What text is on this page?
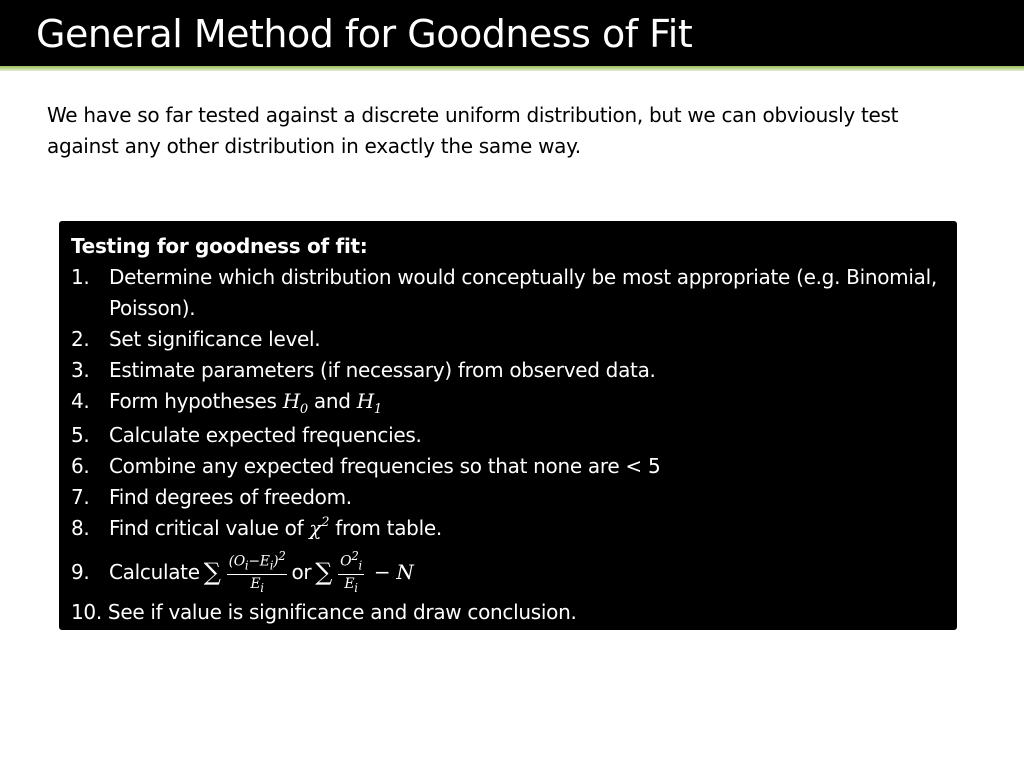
General Method for Goodness of Fit
We have so far tested against a discrete uniform distribution, but we can obviously test against any other distribution in exactly the same way.
Testing for goodness of fit:
1. Determine which distribution would conceptually be most appropriate (e.g. Binomial, Poisson).
2. Set significance level.
3. Estimate parameters (if necessary) from observed data.
4. Form hypotheses $H_0$ and $H_1$
5. Calculate expected frequencies.
6. Combine any expected frequencies so that none are < 5
7. Find degrees of freedom.
8. Find critical value of $\chi^2$ from table.
9. Calculate ∑ $\frac{(O_i-E_i)^2}{E_i}$ or ∑ $\frac{O^2_i}{E_i} - N$
10. See if value is significance and draw conclusion.
